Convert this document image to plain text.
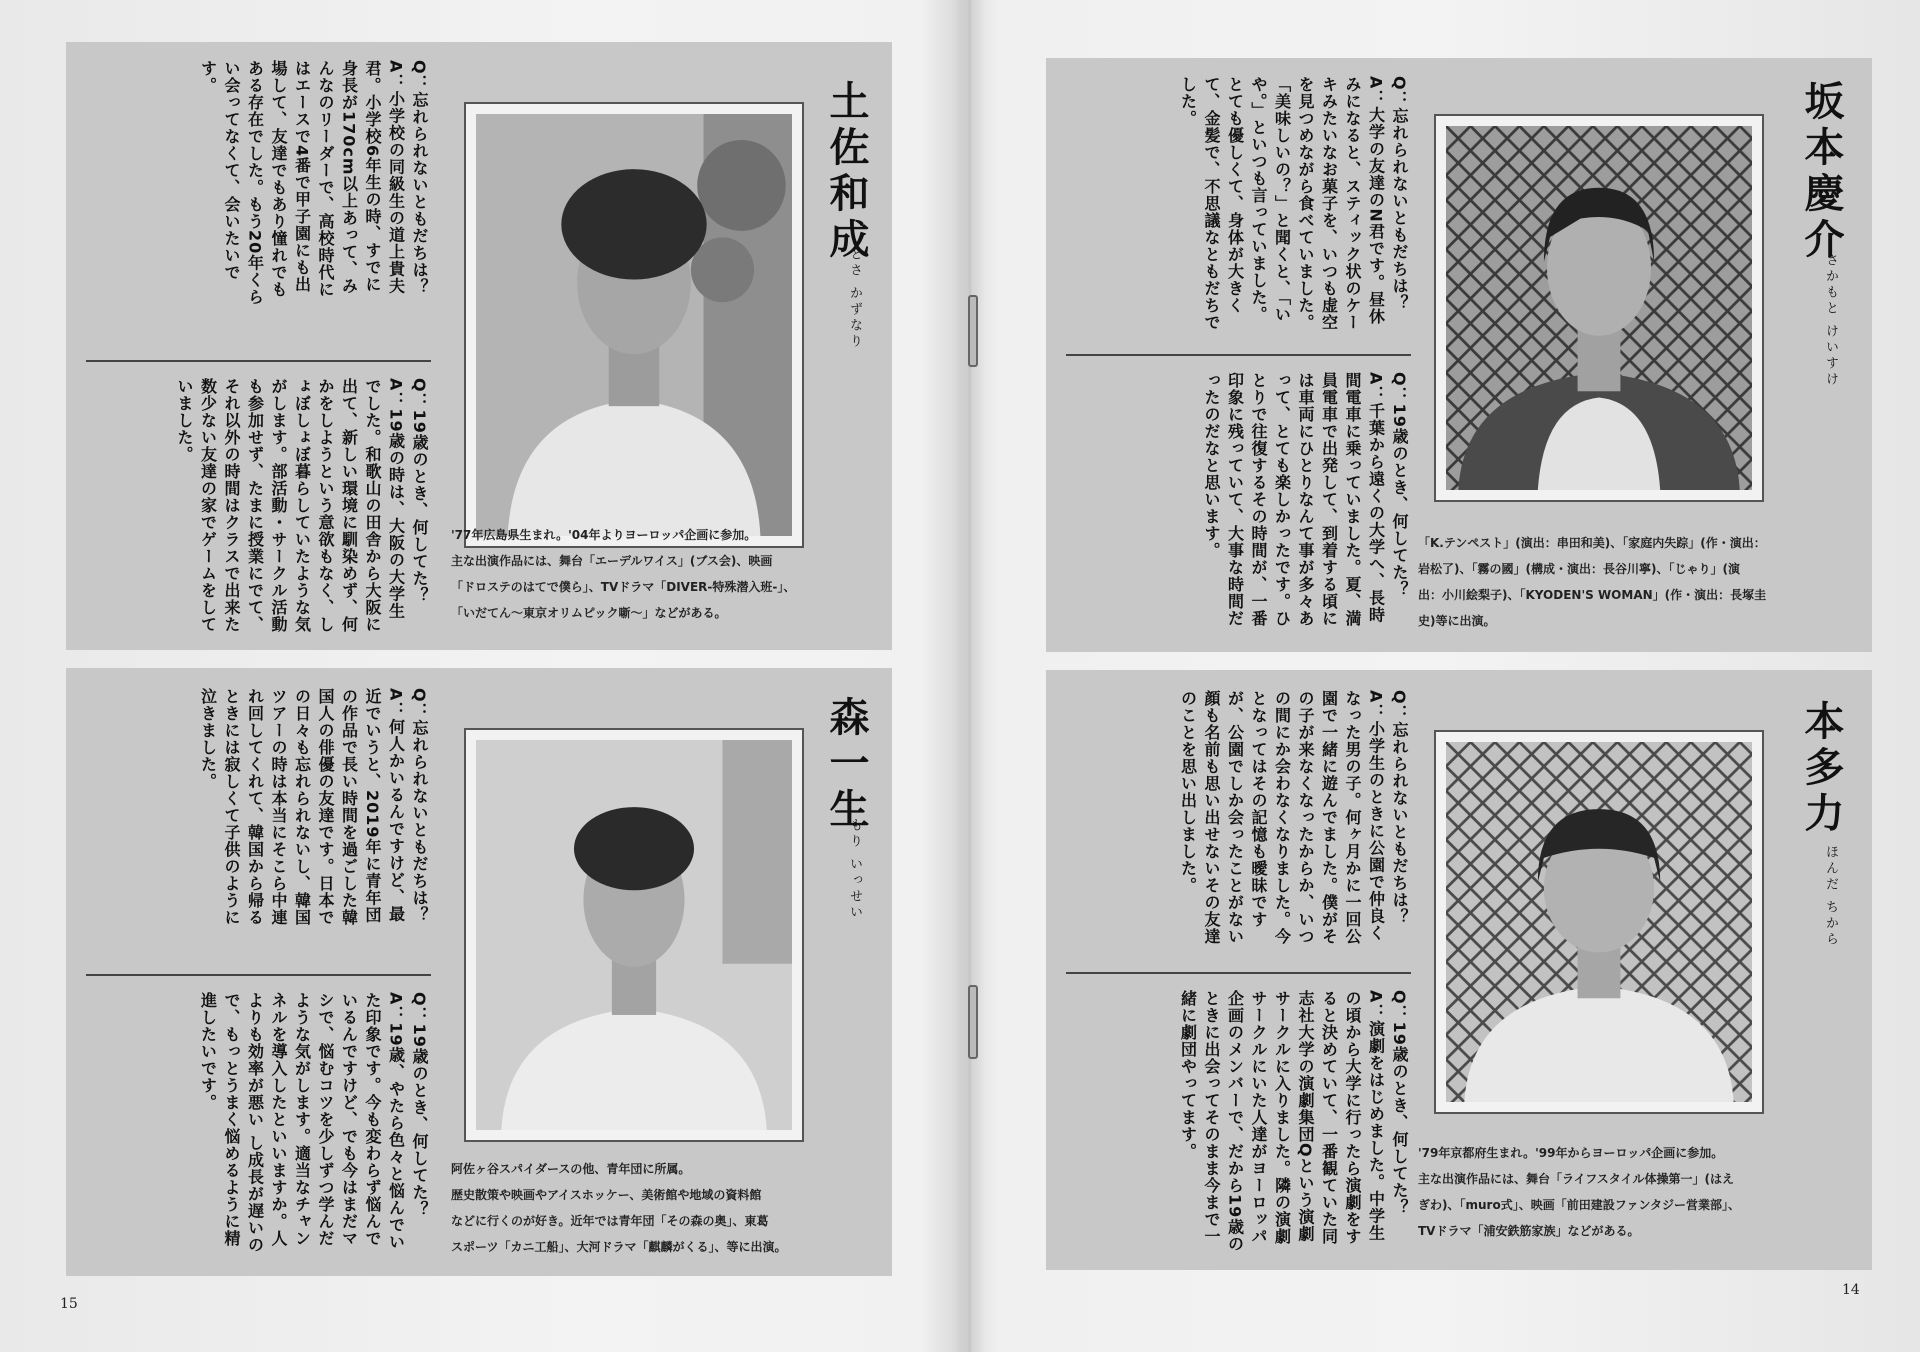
土佐和成
とさ かずなり
'77年広島県生まれ。'04年よりヨーロッパ企画に参加。
主な出演作品には、舞台「エーデルワイス」(ブス会)、映画
「ドロステのはてで僕ら」、TVドラマ「DIVER-特殊潜入班-」、
「いだてん〜東京オリムピック噺〜」などがある。

Q：忘れられないともだちは？

A：小学校の同級生の道上貴夫君。小学校6年生の時、すでに身長が170cm以上あって、みんなのリーダーで、高校時代にはエースで4番で甲子園にも出場して、友達でもあり憧れでもある存在でした。もう20年くらい会ってなくて、会いたいです。

Q：19歳のとき、何してた？

A：19歳の時は、大阪の大学生でした。和歌山の田舎から大阪に出て、新しい環境に馴染めず、何かをしようという意欲もなく、しょぼしょぼ暮らしていたような気がします。部活動・サークル活動も参加せず、たまに授業にでて、それ以外の時間はクラスで出来た数少ない友達の家でゲームをしていました。

森一生
もり いっせい
阿佐ヶ谷スパイダースの他、青年団に所属。
歴史散策や映画やアイスホッケー、美術館や地域の資料館
などに行くのが好き。近年では青年団「その森の奥」、東葛
スポーツ「カニ工船」、大河ドラマ「麒麟がくる」、等に出演。

Q：忘れられないともだちは？

A：何人かいるんですけど、最近でいうと、2019年に青年団の作品で長い時間を過ごした韓国人の俳優の友達です。日本での日々も忘れられないし、韓国ツアーの時は本当にそこら中連れ回してくれて、韓国から帰るときには寂しくて子供のように泣きました。

Q：19歳のとき、何してた？

A：19歳、やたら色々と悩んでいた印象です。今も変わらず悩んでいるんですけど、でも今はまだマシで、悩むコツを少しずつ学んだような気がします。適当なチャンネルを導入したといいますか。人よりも効率が悪い し成長が遅いので、もっとうまく悩めるように精進したいです。

坂本慶介
さかもと けいすけ
「K.テンペスト」(演出：串田和美)、「家庭内失踪」(作・演出：
岩松了)、「霧の國」(構成・演出：長谷川寧)、「じゃり」(演
出：小川絵梨子)、「KYODEN'S WOMAN」(作・演出：長塚圭
史)等に出演。

Q：忘れられないともだちは？

A：大学の友達のN君です。昼休みになると、スティック状のケーキみたいなお菓子を、いつも虚空を見つめながら食べていました。「美味しいの？」と聞くと、「いや。」といつも言っていました。とても優しくて、身体が大きくて、金髪で、不思議なともだちでした。

Q：19歳のとき、何してた？

A：千葉から遠くの大学へ、長時間電車に乗っていました。夏、満員電車で出発して、到着する頃には車両にひとりなんて事が多々あって、とても楽しかったです。ひとりで往復するその時間が、一番印象に残っていて、大事な時間だったのだなと思います。

本多力
ほんだ ちから
'79年京都府生まれ。'99年からヨーロッパ企画に参加。
主な出演作品には、舞台「ライフスタイル体操第一」(はえ
ぎわ)、「muro式」、映画「前田建設ファンタジー営業部」、
TVドラマ「浦安鉄筋家族」などがある。

Q：忘れられないともだちは？

A：小学生のときに公園で仲良くなった男の子。何ヶ月かに一回公園で一緒に遊んでました。僕がその子が来なくなったからか、いつの間にか会わなくなりました。今となってはその記憶も曖昧ですが、公園でしか会ったことがない顔も名前も思い出せないその友達のことを思い出しました。

Q：19歳のとき、何してた？

A：演劇をはじめました。中学生の頃から大学に行ったら演劇をすると決めていて、一番観ていた同志社大学の演劇集団Qという演劇サークルに入りました。隣の演劇サークルにいた人達がヨーロッパ企画のメンバーで、だから19歳のときに出会ってそのまま今まで一緒に劇団やってます。

15
14
